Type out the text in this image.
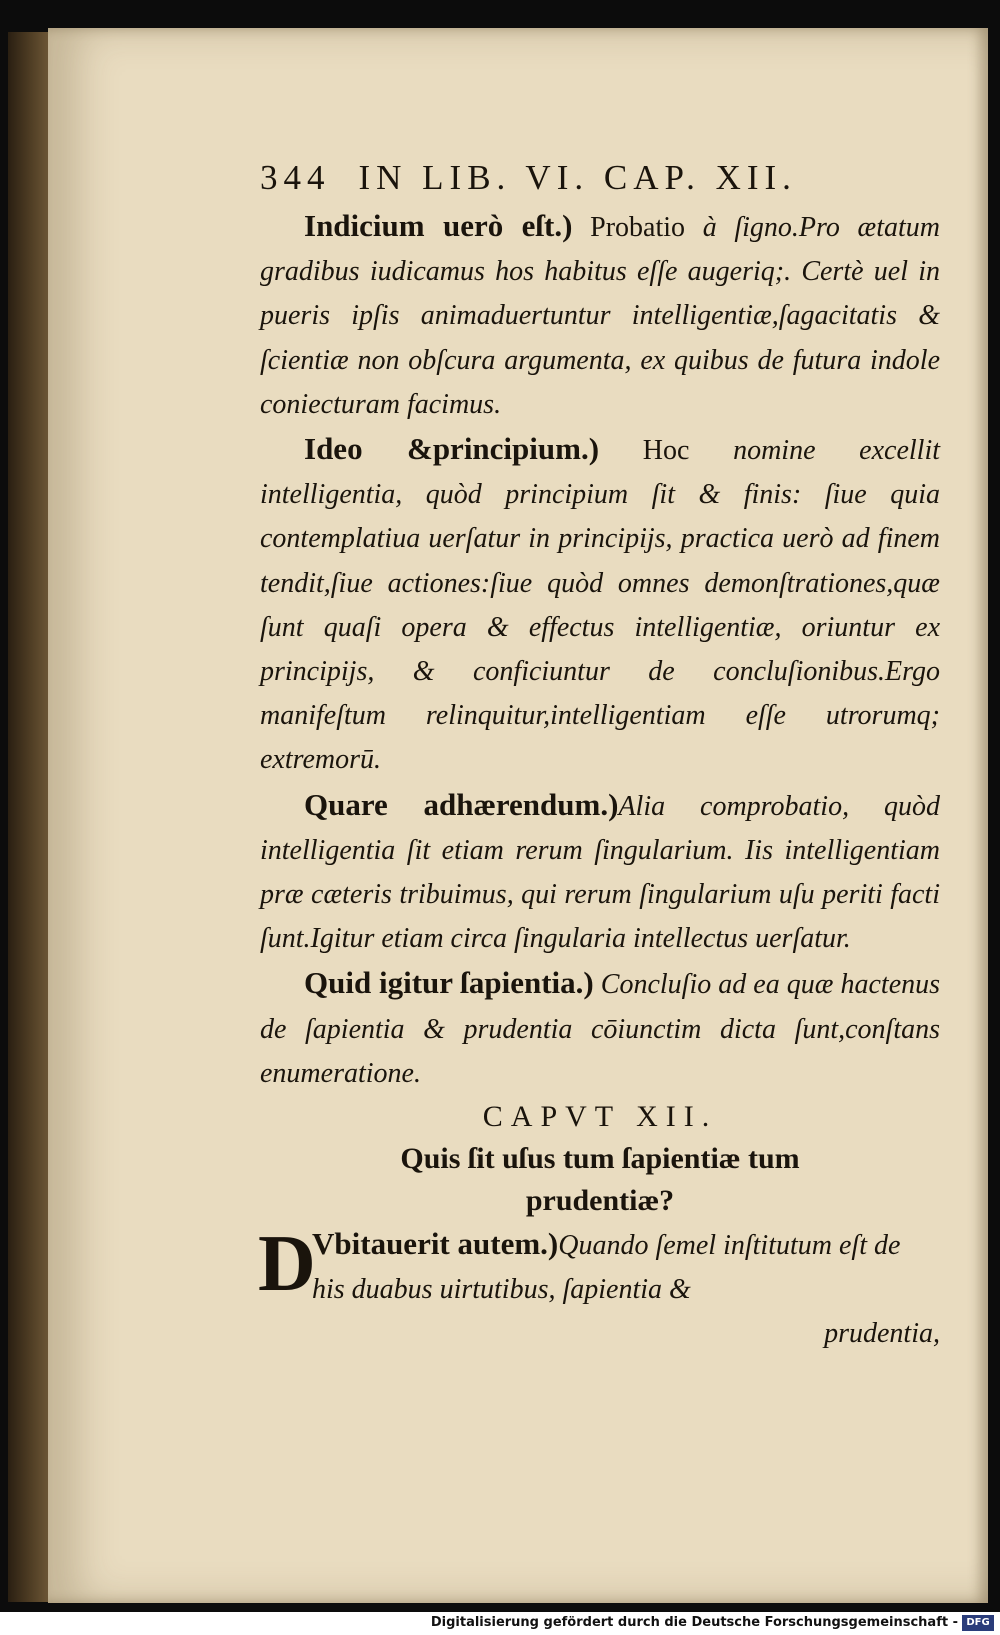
344 IN LIB. VI. CAP. XII.

Indicium uerò eſt.) Probatio à ſigno.Pro ætatum gradibus iudicamus hos habitus eſſe augeriq;. Certè uel in pueris ipſis animaduertuntur intelligentiæ,ſagacitatis & ſcientiæ non obſcura argumenta, ex quibus de futura indole coniecturam facimus.

Ideo &principium.) Hoc nomine excellit intelligentia, quòd principium ſit & finis: ſiue quia contemplatiua uerſatur in principijs, practica uerò ad finem tendit,ſiue actiones:ſiue quòd omnes demonſtrationes,quæ ſunt quaſi opera & effectus intelligentiæ, oriuntur ex principijs, & conficiuntur de concluſionibus.Ergo manifeſtum relinquitur,intelligentiam eſſe utrorumq; extremorū.

Quare adhærendum.)Alia comprobatio, quòd intelligentia ſit etiam rerum ſingularium. Iis intelligentiam præ cæteris tribuimus, qui rerum ſingularium uſu periti facti ſunt.Igitur etiam circa ſingularia intellectus uerſatur.

Quid igitur ſapientia.) Concluſio ad ea quæ hactenus de ſapientia & prudentia cōiunctim dicta ſunt,conſtans enumeratione.

CAPVT XII.
Quis ſit uſus tum ſapientiæ tum
prudentiæ?

D
Vbitauerit autem.)Quando ſemel inſtitutum eſt de his duabus uirtutibus, ſapientia &

prudentia,
Digitalisierung gefördert durch die Deutsche Forschungsgemeinschaft - DFG
